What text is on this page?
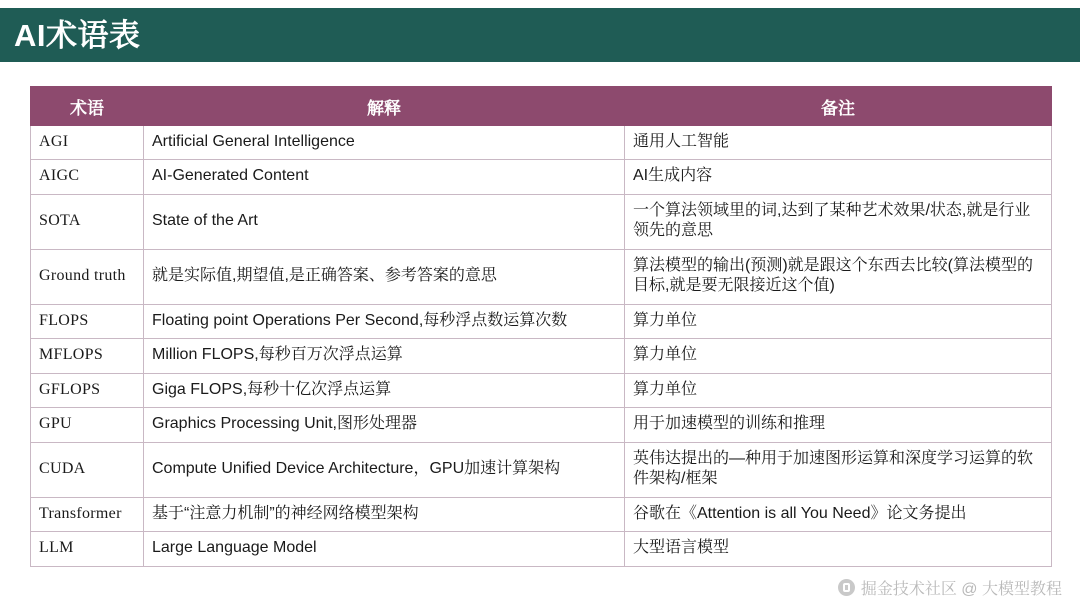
AI术语表
术语	解释	备注
AGI	Artificial General Intelligence	通用人工智能
AIGC	AI-Generated Content	AI生成内容
SOTA	State of the Art	一个算法领域里的词,达到了某种艺术效果/状态,就是行业领先的意思
Ground truth	就是实际值,期望值,是正确答案、参考答案的意思	算法模型的输出(预测)就是跟这个东西去比较(算法模型的目标,就是要无限接近这个值)
FLOPS	Floating point Operations Per Second,每秒浮点数运算次数	算力单位
MFLOPS	Million FLOPS,每秒百万次浮点运算	算力单位
GFLOPS	Giga FLOPS,每秒十亿次浮点运算	算力单位
GPU	Graphics Processing Unit,图形处理器	用于加速模型的训练和推理
CUDA	Compute Unified Device Architecture，GPU加速计算架构	英伟达提出的—种用于加速图形运算和深度学习运算的软件架构/框架
Transformer	基于“注意力机制”的神经网络模型架构	谷歌在《Attention is all You Need》论文务提出
LLM	Large Language Model	大型语言模型
掘金技术社区 @ 大模型教程
